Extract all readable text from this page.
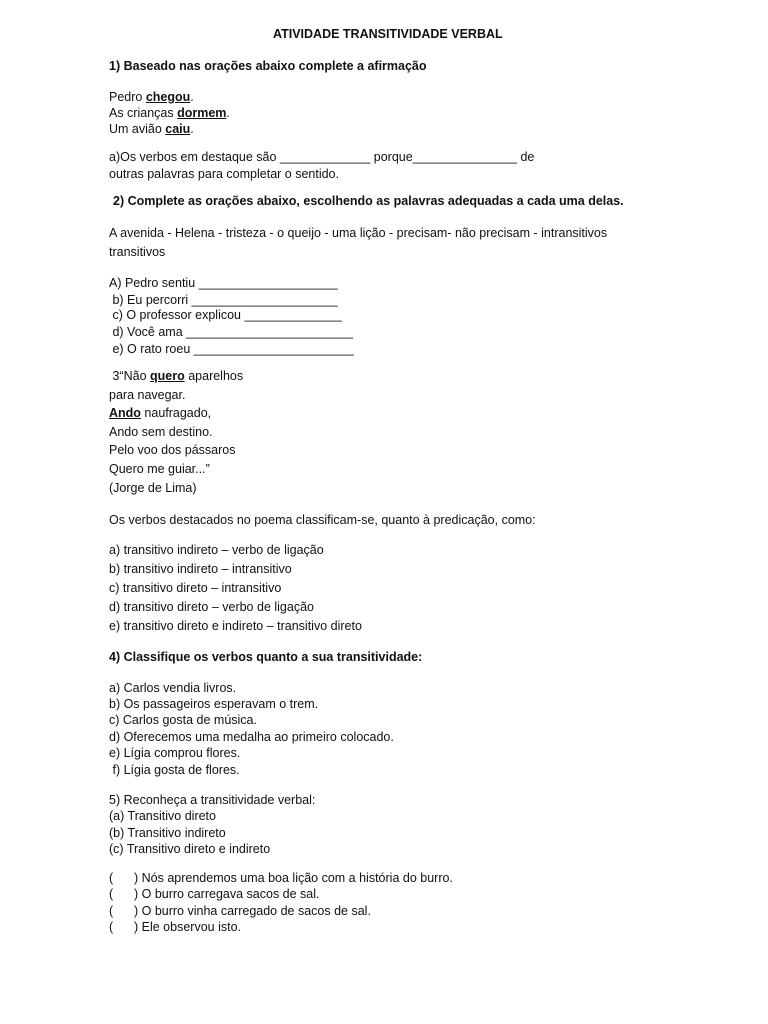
ATIVIDADE TRANSITIVIDADE VERBAL
1) Baseado nas orações abaixo complete a afirmação
Pedro chegou.
As crianças dormem.
Um avião caiu.
a)Os verbos em destaque são _____________ porque_______________ de
outras palavras para completar o sentido.
2) Complete as orações abaixo, escolhendo as palavras adequadas a cada uma delas.
A avenida - Helena - tristeza - o queijo - uma lição - precisam- não precisam - intransitivos
transitivos
A) Pedro sentiu ____________________
b) Eu percorri _____________________
c) O professor explicou ______________
d) Você ama ________________________
e) O rato roeu _______________________
3“Não quero aparelhos
para navegar.
Ando naufragado,
Ando sem destino.
Pelo voo dos pássaros
Quero me guiar...”
(Jorge de Lima)
Os verbos destacados no poema classificam-se, quanto à predicação, como:
a) transitivo indireto – verbo de ligação
b) transitivo indireto – intransitivo
c) transitivo direto – intransitivo
d) transitivo direto – verbo de ligação
e) transitivo direto e indireto – transitivo direto
4) Classifique os verbos quanto a sua transitividade:
a) Carlos vendia livros.
b) Os passageiros esperavam o trem.
c) Carlos gosta de música.
d) Oferecemos uma medalha ao primeiro colocado.
e) Lígia comprou flores.
f) Lígia gosta de flores.
5) Reconheça a transitividade verbal:
(a) Transitivo direto
(b) Transitivo indireto
(c) Transitivo direto e indireto
(      ) Nós aprendemos uma boa lição com a história do burro.
(      ) O burro carregava sacos de sal.
(      ) O burro vinha carregado de sacos de sal.
(      ) Ele observou isto.
